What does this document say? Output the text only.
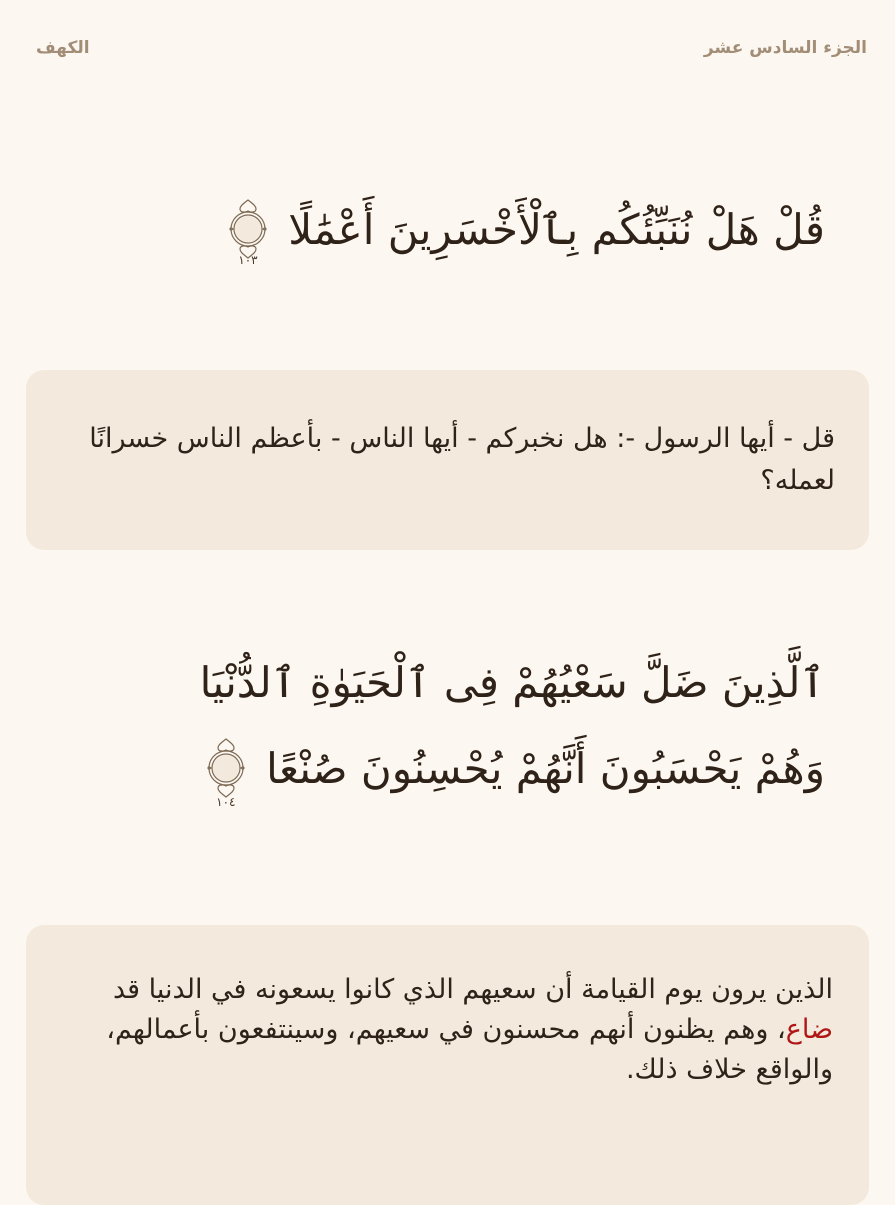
الكهف	الجزء السادس عشر
قُلْ هَلْ نُنَبِّئُكُم بِٱلْأَخْسَرِينَ أَعْمَٰلًا
١٠٣
قل - أيها الرسول -: هل نخبركم - أيها الناس - بأعظم الناس خسرانًا لعمله؟
ٱلَّذِينَ ضَلَّ سَعْيُهُمْ فِى ٱلْحَيَوٰةِ ٱلدُّنْيَا وَهُمْ يَحْسَبُونَ أَنَّهُمْ يُحْسِنُونَ صُنْعًا
١٠٤
الذين يرون يوم القيامة أن سعيهم الذي كانوا يسعونه في الدنيا قد ضاع، وهم يظنون أنهم محسنون في سعيهم، وسينتفعون بأعمالهم، والواقع خلاف ذلك.
